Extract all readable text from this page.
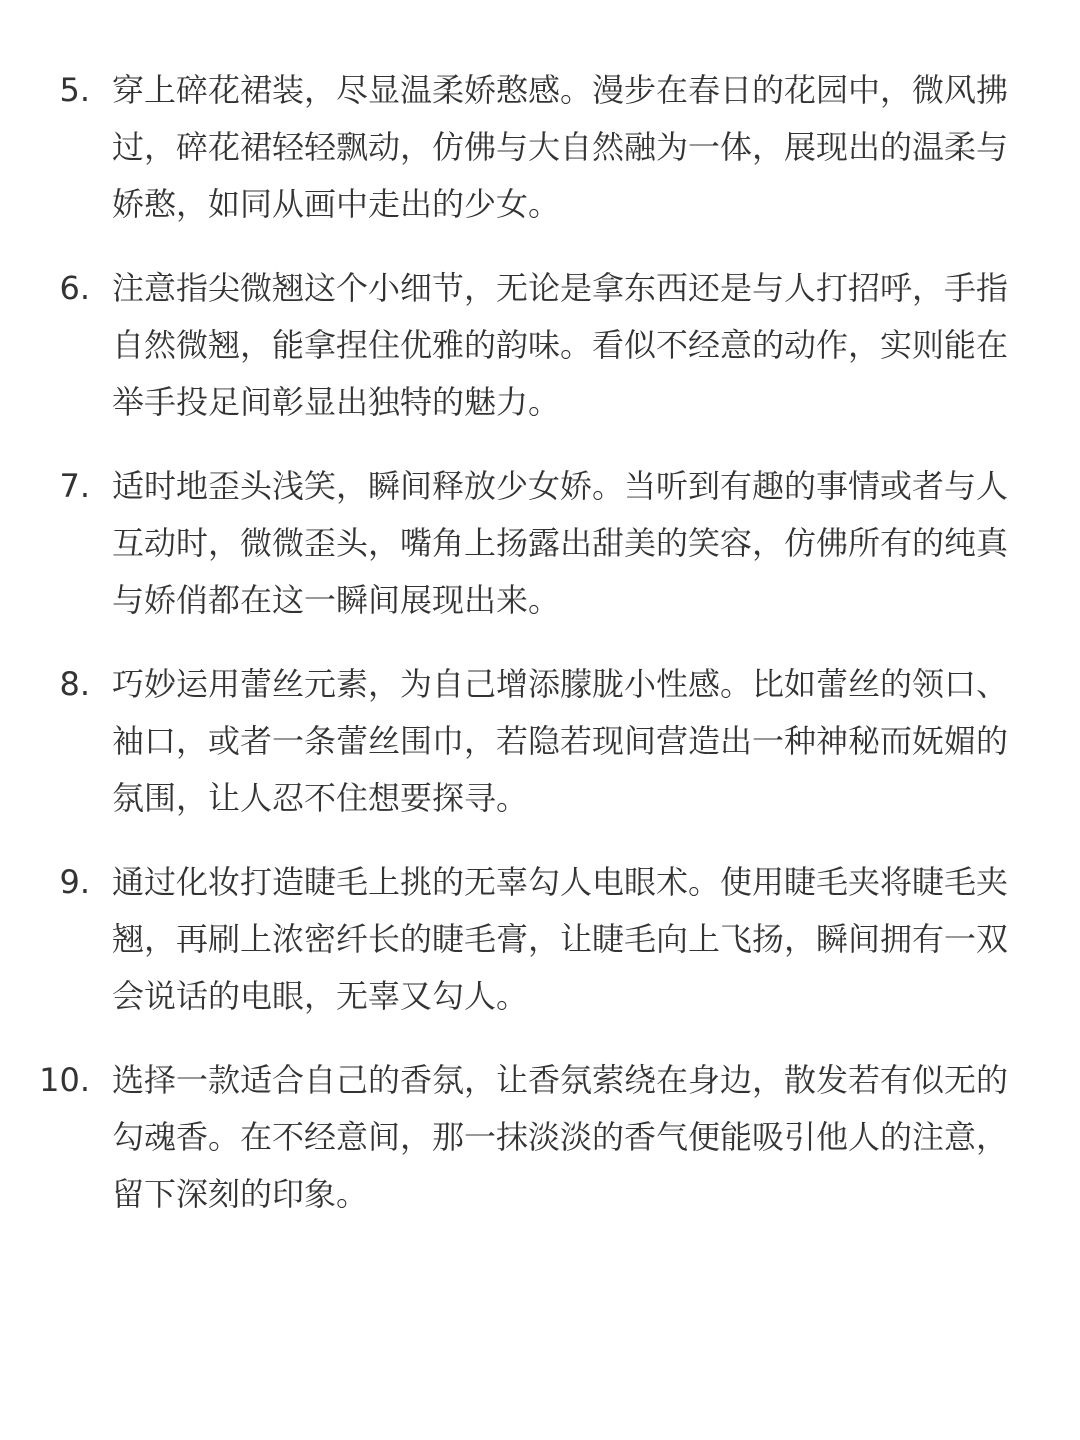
5. 穿上碎花裙装，尽显温柔娇憨感。漫步在春日的花园中，微风拂过，碎花裙轻轻飘动，仿佛与大自然融为一体，展现出的温柔与娇憨，如同从画中走出的少女。
6. 注意指尖微翘这个小细节，无论是拿东西还是与人打招呼，手指自然微翘，能拿捏住优雅的韵味。看似不经意的动作，实则能在举手投足间彰显出独特的魅力。
7. 适时地歪头浅笑，瞬间释放少女娇。当听到有趣的事情或者与人互动时，微微歪头，嘴角上扬露出甜美的笑容，仿佛所有的纯真与娇俏都在这一瞬间展现出来。
8. 巧妙运用蕾丝元素，为自己增添朦胧小性感。比如蕾丝的领口、袖口，或者一条蕾丝围巾，若隐若现间营造出一种神秘而妩媚的氛围，让人忍不住想要探寻。
9. 通过化妆打造睫毛上挑的无辜勾人电眼术。使用睫毛夹将睫毛夹翘，再刷上浓密纤长的睫毛膏，让睫毛向上飞扬，瞬间拥有一双会说话的电眼，无辜又勾人。
10. 选择一款适合自己的香氛，让香氛萦绕在身边，散发若有似无的勾魂香。在不经意间，那一抹淡淡的香气便能吸引他人的注意，留下深刻的印象。
